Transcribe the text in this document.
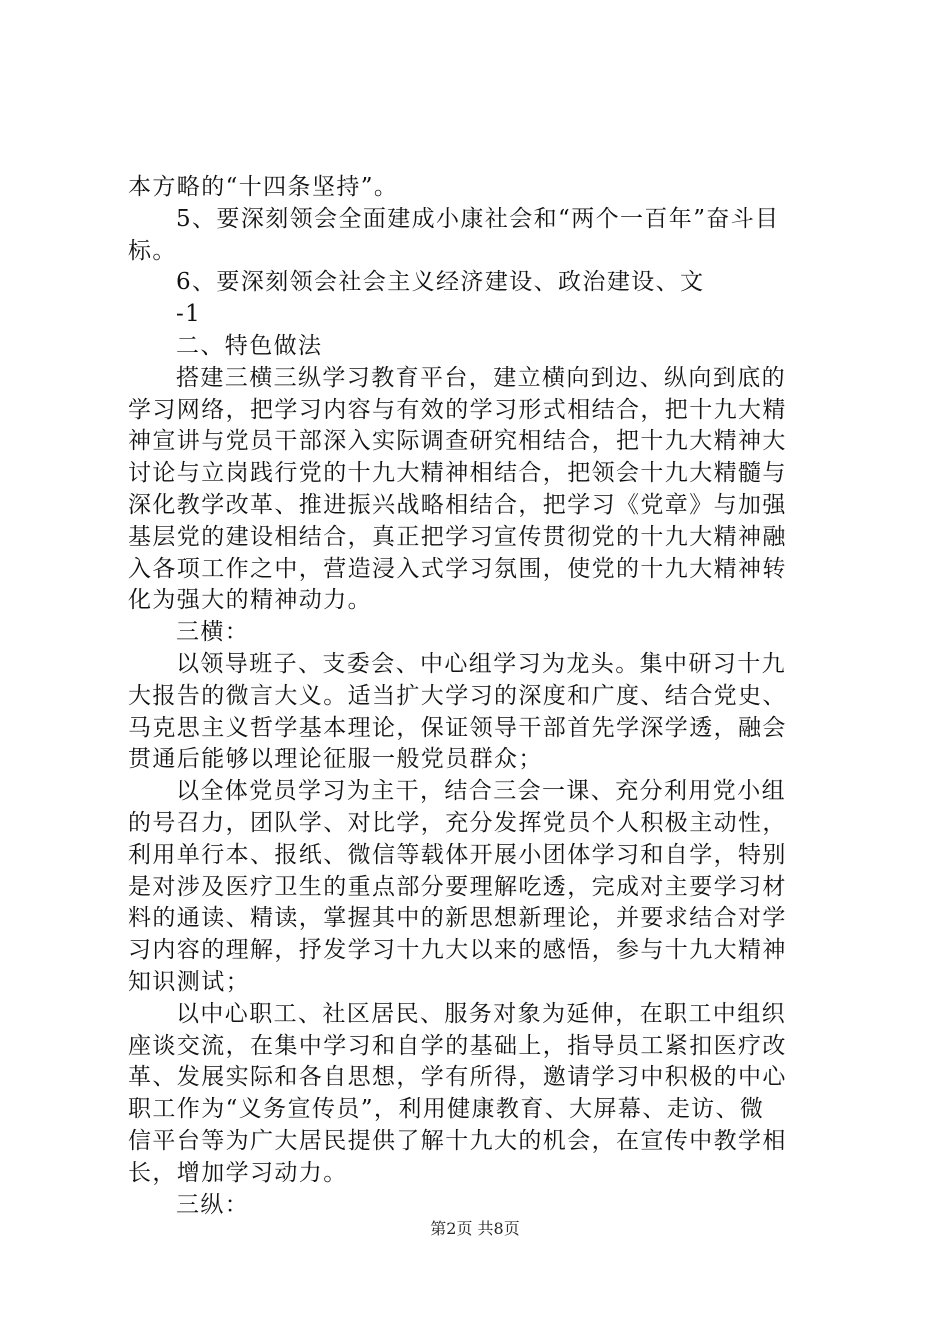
本方略的“十四条坚持”。
5、要深刻领会全面建成小康社会和“两个一百年”奋斗目
标。
6、要深刻领会社会主义经济建设、政治建设、文
-1
二、特色做法
搭建三横三纵学习教育平台，建立横向到边、纵向到底的
学习网络，把学习内容与有效的学习形式相结合，把十九大精
神宣讲与党员干部深入实际调查研究相结合，把十九大精神大
讨论与立岗践行党的十九大精神相结合，把领会十九大精髓与
深化教学改革、推进振兴战略相结合，把学习《党章》与加强
基层党的建设相结合，真正把学习宣传贯彻党的十九大精神融
入各项工作之中，营造浸入式学习氛围，使党的十九大精神转
化为强大的精神动力。
三横：
以领导班子、支委会、中心组学习为龙头。集中研习十九
大报告的微言大义。适当扩大学习的深度和广度、结合党史、
马克思主义哲学基本理论，保证领导干部首先学深学透，融会
贯通后能够以理论征服一般党员群众；
以全体党员学习为主干，结合三会一课、充分利用党小组
的号召力，团队学、对比学，充分发挥党员个人积极主动性，
利用单行本、报纸、微信等载体开展小团体学习和自学，特别
是对涉及医疗卫生的重点部分要理解吃透，完成对主要学习材
料的通读、精读，掌握其中的新思想新理论，并要求结合对学
习内容的理解，抒发学习十九大以来的感悟，参与十九大精神
知识测试；
以中心职工、社区居民、服务对象为延伸，在职工中组织
座谈交流，在集中学习和自学的基础上，指导员工紧扣医疗改
革、发展实际和各自思想，学有所得，邀请学习中积极的中心
职工作为“义务宣传员”，利用健康教育、大屏幕、走访、微
信平台等为广大居民提供了解十九大的机会，在宣传中教学相
长，增加学习动力。
三纵：
第2页 共8页
